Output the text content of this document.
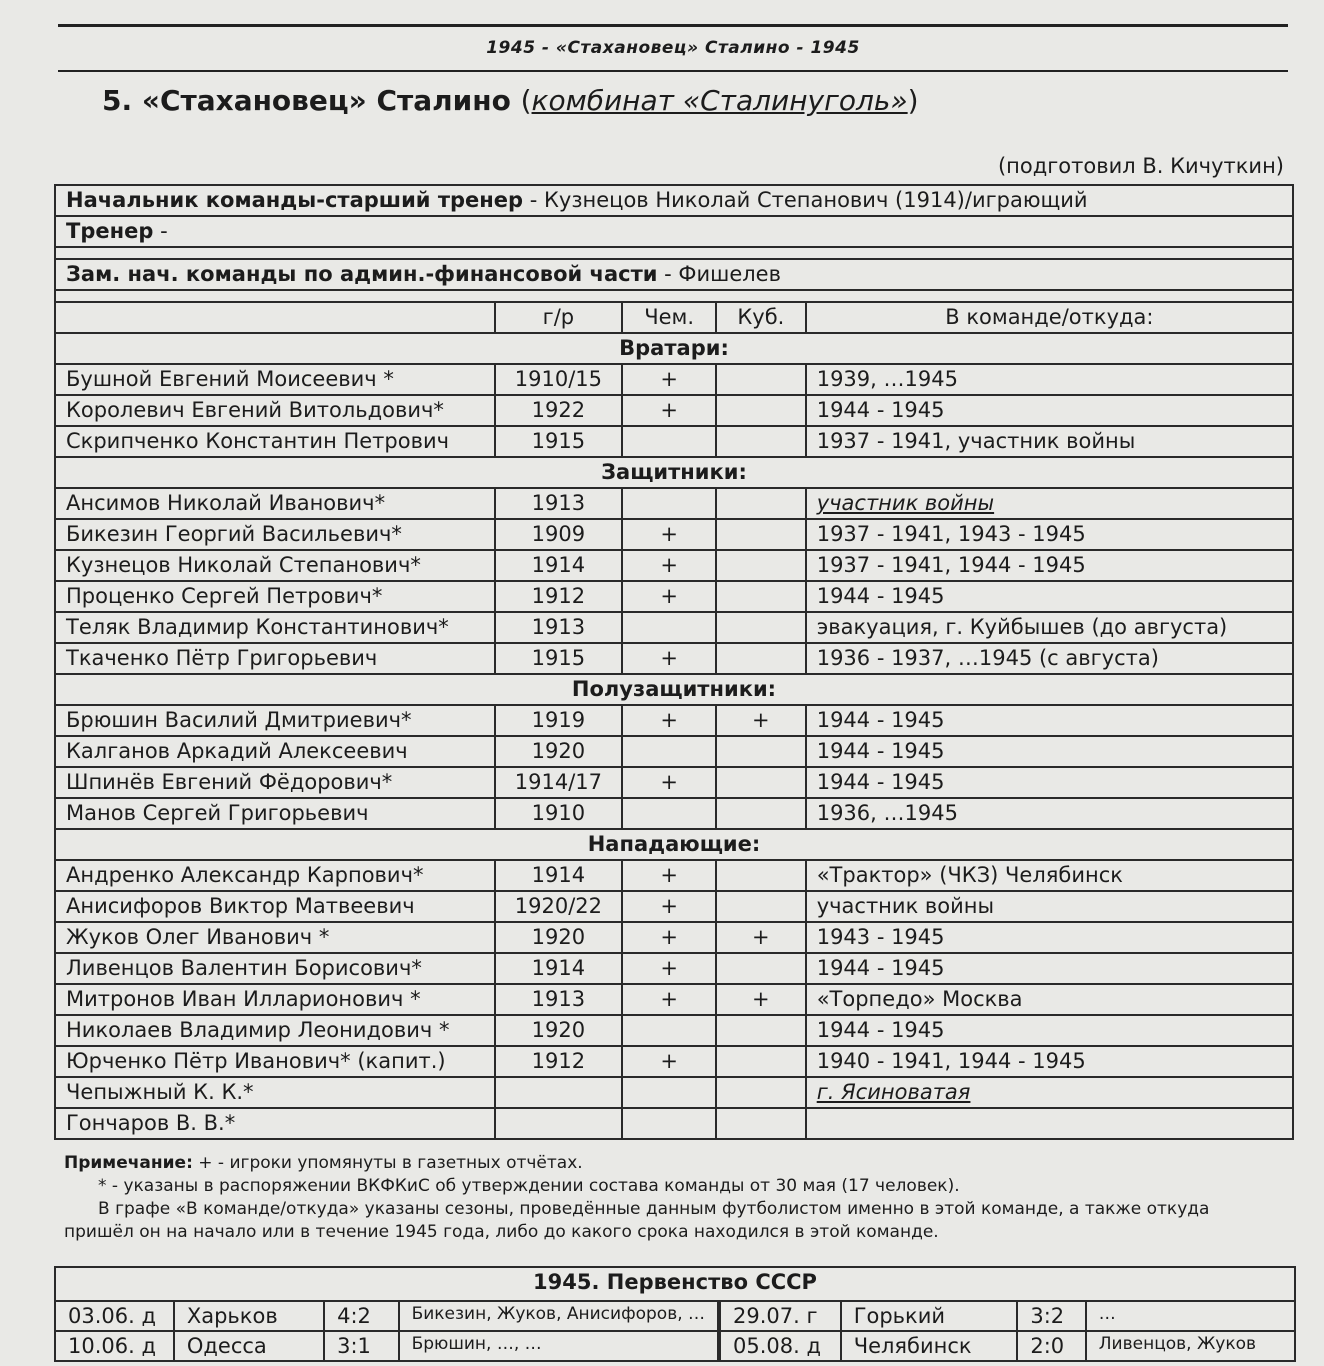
1945 - «Стахановец» Сталино - 1945
5. «Стахановец» Сталино (комбинат «Сталинуголь»)
(подготовил В. Кичуткин)
Начальник команды-старший тренер - Кузнецов Николай Степанович (1914)/играющий				
Тренер -				

Зам. нач. команды по админ.-финансовой части - Фишелев				

	г/р	Чем.	Куб.	В команде/откуда:
Вратари:				
Бушной Евгений Моисеевич *	1910/15	+		1939, …1945
Королевич Евгений Витольдович*	1922	+		1944 - 1945
Скрипченко Константин Петрович	1915			1937 - 1941, участник войны
Защитники:				
Ансимов Николай Иванович*	1913			участник войны
Бикезин Георгий Васильевич*	1909	+		1937 - 1941, 1943 - 1945
Кузнецов Николай Степанович*	1914	+		1937 - 1941, 1944 - 1945
Проценко Сергей Петрович*	1912	+		1944 - 1945
Теляк Владимир Константинович*	1913			эвакуация, г. Куйбышев (до августа)
Ткаченко Пётр Григорьевич	1915	+		1936 - 1937, …1945 (с августа)
Полузащитники:				
Брюшин Василий Дмитриевич*	1919	+	+	1944 - 1945
Калганов Аркадий Алексеевич	1920			1944 - 1945
Шпинёв Евгений Фёдорович*	1914/17	+		1944 - 1945
Манов Сергей Григорьевич	1910			1936, …1945
Нападающие:				
Андренко Александр Карпович*	1914	+		«Трактор» (ЧКЗ) Челябинск
Анисифоров Виктор Матвеевич	1920/22	+		участник войны
Жуков Олег Иванович *	1920	+	+	1943 - 1945
Ливенцов Валентин Борисович*	1914	+		1944 - 1945
Митронов Иван Илларионович *	1913	+	+	«Торпедо» Москва
Николаев Владимир Леонидович *	1920			1944 - 1945
Юрченко Пётр Иванович* (капит.)	1912	+		1940 - 1941, 1944 - 1945
Чепыжный К. К.*				г. Ясиноватая
Гончаров В. В.*				

Примечание: + - игроки упомянуты в газетных отчётах.

* - указаны в распоряжении ВКФКиС об утверждении состава команды от 30 мая (17 человек).

В графе «В команде/откуда» указаны сезоны, проведённые данным футболистом именно в этой команде, а также откуда

пришёл он на начало или в течение 1945 года, либо до какого срока находился в этой команде.

1945. Первенство СССР							
03.06. д	Харьков	4:2	Бикезин, Жуков, Анисифоров, …	29.07. г	Горький	3:2	…
10.06. д	Одесса	3:1	Брюшин, …, …	05.08. д	Челябинск	2:0	Ливенцов, Жуков
